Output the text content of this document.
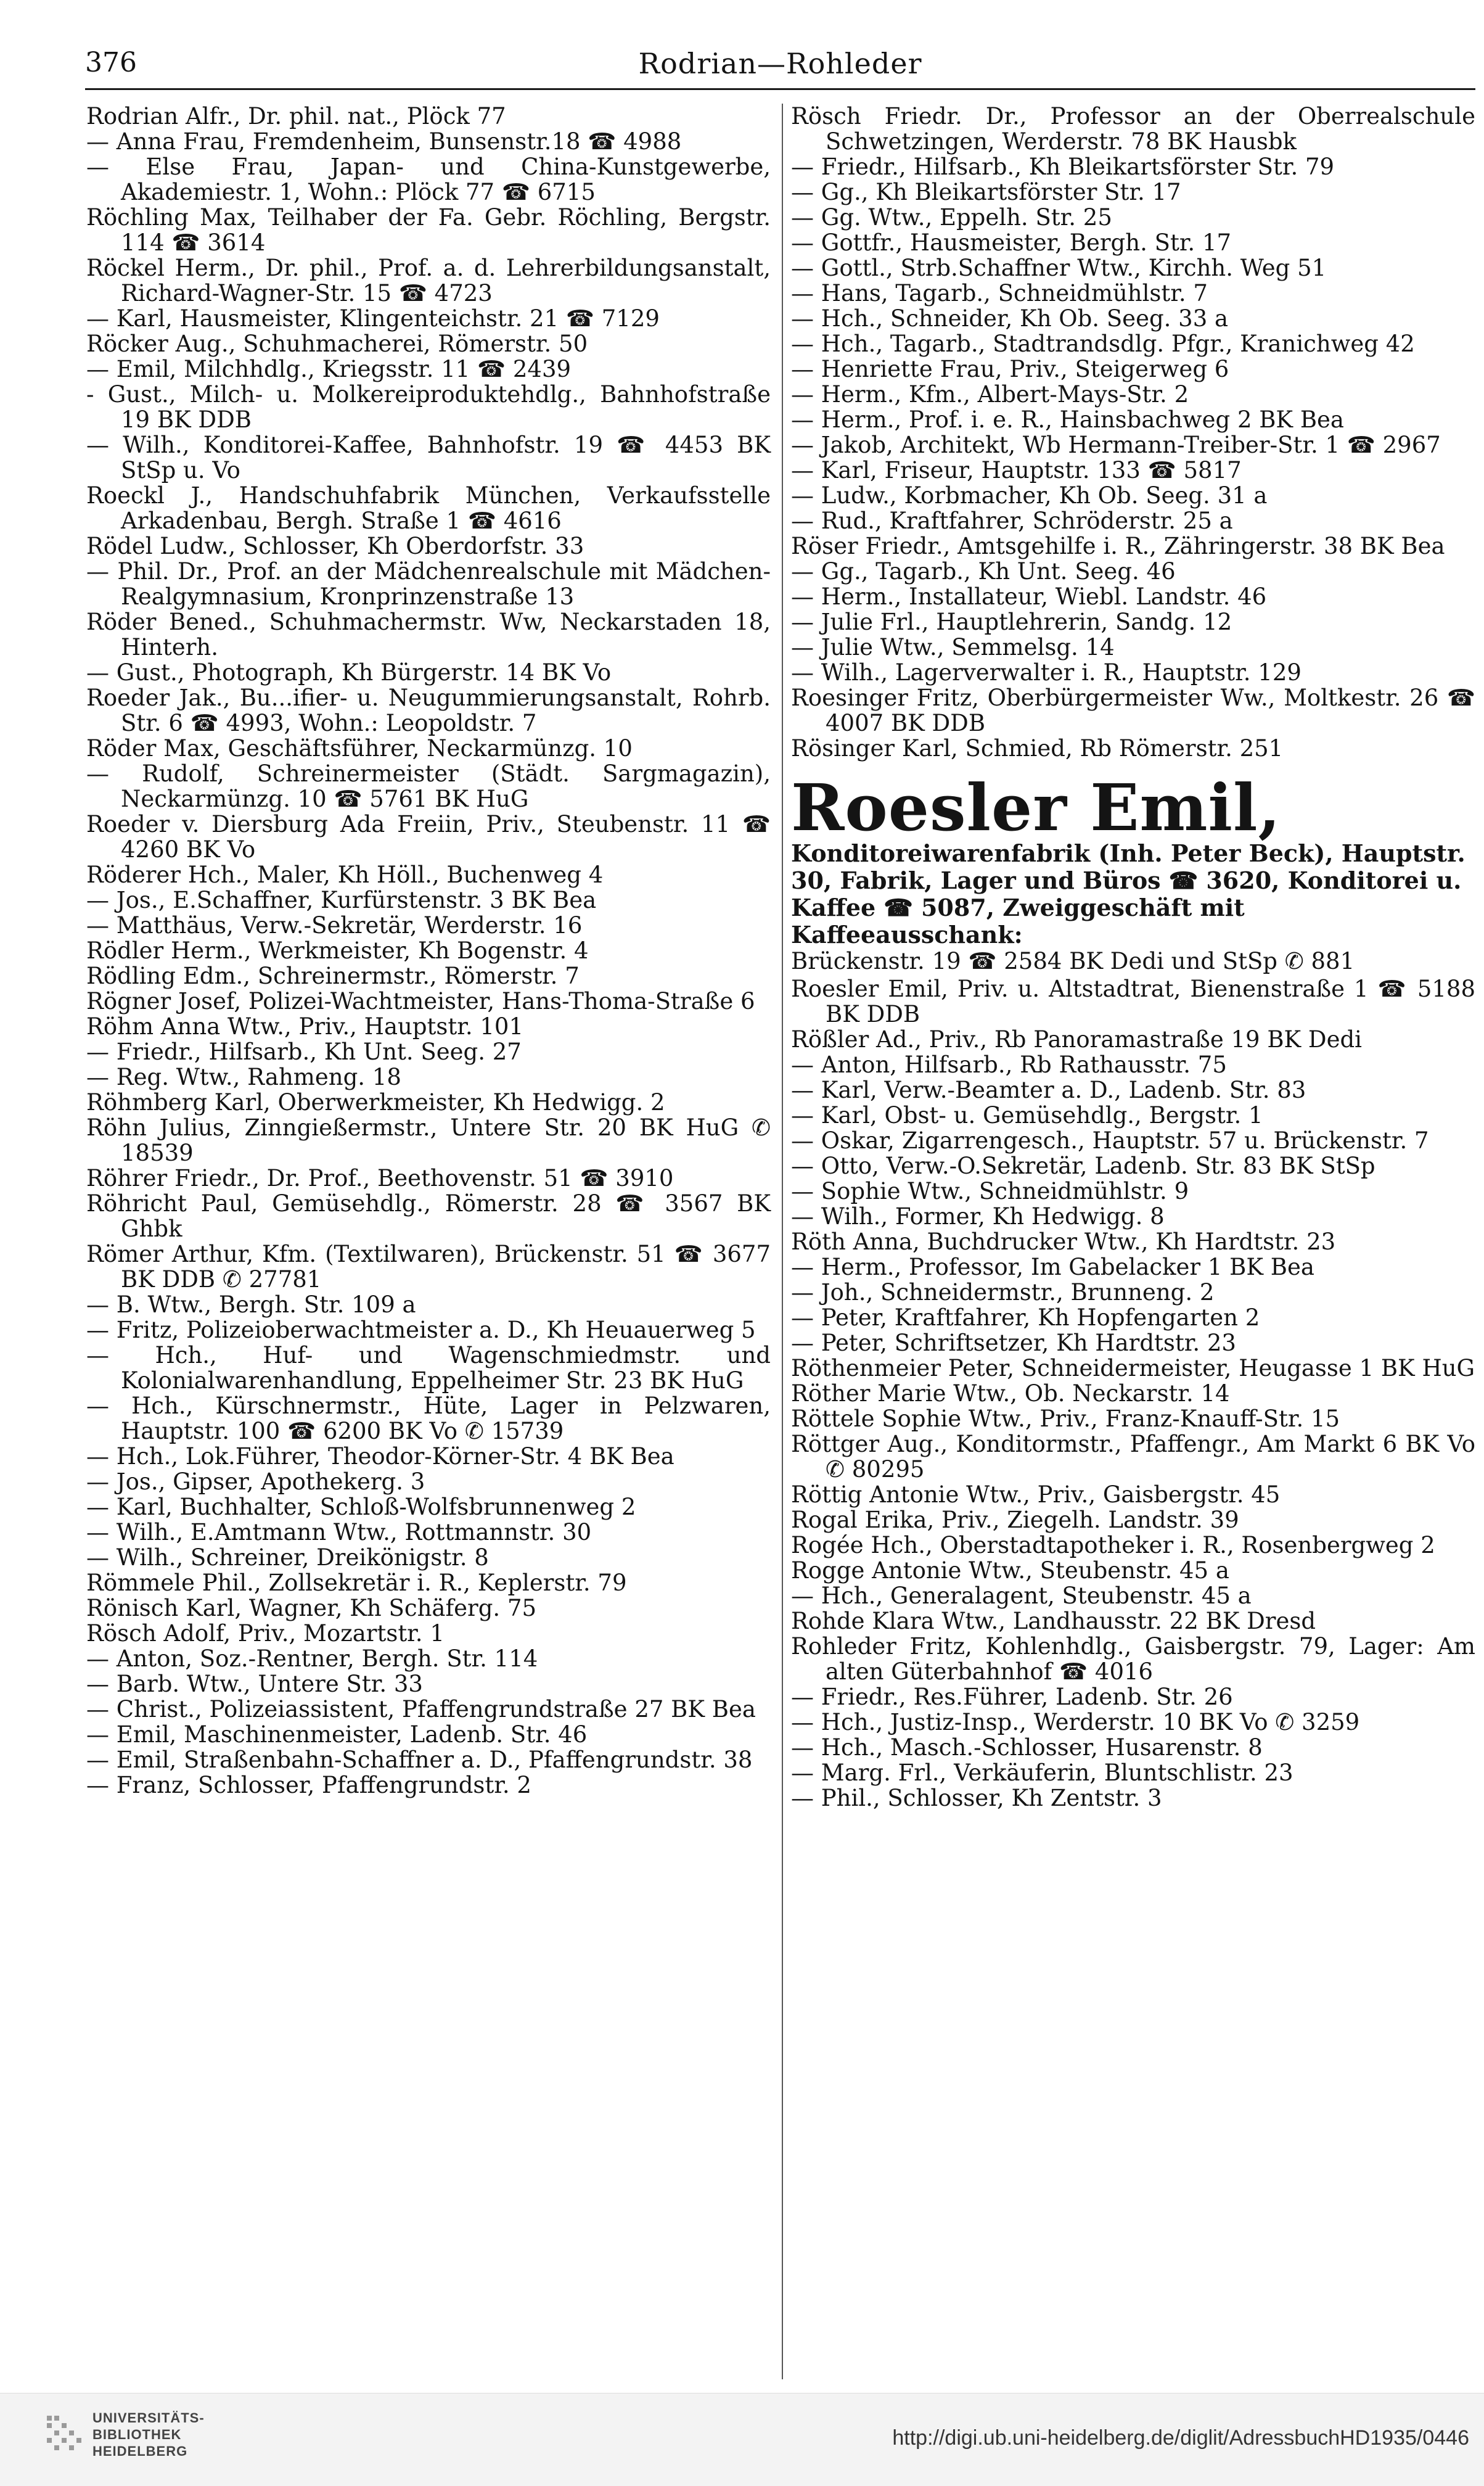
376	Rodrian—Rohleder
Rodrian Alfr., Dr. phil. nat., Plöck 77
— Anna Frau, Fremdenheim, Bunsenstr.18 ☎ 4988
— Else Frau, Japan- und China-Kunstgewerbe, Akademiestr. 1, Wohn.: Plöck 77 ☎ 6715
Röchling Max, Teilhaber der Fa. Gebr. Röchling, Bergstr. 114 ☎ 3614
Röckel Herm., Dr. phil., Prof. a. d. Lehrerbildungsanstalt, Richard-Wagner-Str. 15 ☎ 4723
— Karl, Hausmeister, Klingenteichstr. 21 ☎ 7129
Röcker Aug., Schuhmacherei, Römerstr. 50
— Emil, Milchhdlg., Kriegsstr. 11 ☎ 2439
- Gust., Milch- u. Molkereiproduktehdlg., Bahnhofstraße 19 BK DDB
— Wilh., Konditorei-Kaffee, Bahnhofstr. 19 ☎ 4453 BK StSp u. Vo
Roeckl J., Handschuhfabrik München, Verkaufsstelle Arkadenbau, Bergh. Straße 1 ☎ 4616
Rödel Ludw., Schlosser, Kh Oberdorfstr. 33
— Phil. Dr., Prof. an der Mädchenrealschule mit Mädchen-Realgymnasium, Kronprinzenstraße 13
Röder Bened., Schuhmachermstr. Ww, Neckarstaden 18, Hinterh.
— Gust., Photograph, Kh Bürgerstr. 14 BK Vo
Roeder Jak., Bu...ifier- u. Neugummierungsanstalt, Rohrb. Str. 6 ☎ 4993, Wohn.: Leopoldstr. 7
Röder Max, Geschäftsführer, Neckarmünzg. 10
— Rudolf, Schreinermeister (Städt. Sargmagazin), Neckarmünzg. 10 ☎ 5761 BK HuG
Roeder v. Diersburg Ada Freiin, Priv., Steubenstr. 11 ☎ 4260 BK Vo
Röderer Hch., Maler, Kh Höll., Buchenweg 4
— Jos., E.Schaffner, Kurfürstenstr. 3 BK Bea
— Matthäus, Verw.-Sekretär, Werderstr. 16
Rödler Herm., Werkmeister, Kh Bogenstr. 4
Rödling Edm., Schreinermstr., Römerstr. 7
Rögner Josef, Polizei-Wachtmeister, Hans-Thoma-Straße 6
Röhm Anna Wtw., Priv., Hauptstr. 101
— Friedr., Hilfsarb., Kh Unt. Seeg. 27
— Reg. Wtw., Rahmeng. 18
Röhmberg Karl, Oberwerkmeister, Kh Hedwigg. 2
Röhn Julius, Zinngießermstr., Untere Str. 20 BK HuG ✆ 18539
Röhrer Friedr., Dr. Prof., Beethovenstr. 51 ☎ 3910
Röhricht Paul, Gemüsehdlg., Römerstr. 28 ☎ 3567 BK Ghbk
Römer Arthur, Kfm. (Textilwaren), Brückenstr. 51 ☎ 3677 BK DDB ✆ 27781
— B. Wtw., Bergh. Str. 109 a
— Fritz, Polizeioberwachtmeister a. D., Kh Heuauerweg 5
— Hch., Huf- und Wagenschmiedmstr. und Kolonialwarenhandlung, Eppelheimer Str. 23 BK HuG
— Hch., Kürschnermstr., Hüte, Lager in Pelzwaren, Hauptstr. 100 ☎ 6200 BK Vo ✆ 15739
— Hch., Lok.Führer, Theodor-Körner-Str. 4 BK Bea
— Jos., Gipser, Apothekerg. 3
— Karl, Buchhalter, Schloß-Wolfsbrunnenweg 2
— Wilh., E.Amtmann Wtw., Rottmannstr. 30
— Wilh., Schreiner, Dreikönigstr. 8
Römmele Phil., Zollsekretär i. R., Keplerstr. 79
Rönisch Karl, Wagner, Kh Schäferg. 75
Rösch Adolf, Priv., Mozartstr. 1
— Anton, Soz.-Rentner, Bergh. Str. 114
— Barb. Wtw., Untere Str. 33
— Christ., Polizeiassistent, Pfaffengrundstraße 27 BK Bea
— Emil, Maschinenmeister, Ladenb. Str. 46
— Emil, Straßenbahn-Schaffner a. D., Pfaffengrundstr. 38
— Franz, Schlosser, Pfaffengrundstr. 2
Rösch Friedr. Dr., Professor an der Oberrealschule Schwetzingen, Werderstr. 78 BK Hausbk
— Friedr., Hilfsarb., Kh Bleikartsförster Str. 79
— Gg., Kh Bleikartsförster Str. 17
— Gg. Wtw., Eppelh. Str. 25
— Gottfr., Hausmeister, Bergh. Str. 17
— Gottl., Strb.Schaffner Wtw., Kirchh. Weg 51
— Hans, Tagarb., Schneidmühlstr. 7
— Hch., Schneider, Kh Ob. Seeg. 33 a
— Hch., Tagarb., Stadtrandsdlg. Pfgr., Kranichweg 42
— Henriette Frau, Priv., Steigerweg 6
— Herm., Kfm., Albert-Mays-Str. 2
— Herm., Prof. i. e. R., Hainsbachweg 2 BK Bea
— Jakob, Architekt, Wb Hermann-Treiber-Str. 1 ☎ 2967
— Karl, Friseur, Hauptstr. 133 ☎ 5817
— Ludw., Korbmacher, Kh Ob. Seeg. 31 a
— Rud., Kraftfahrer, Schröderstr. 25 a
Röser Friedr., Amtsgehilfe i. R., Zähringerstr. 38 BK Bea
— Gg., Tagarb., Kh Unt. Seeg. 46
— Herm., Installateur, Wiebl. Landstr. 46
— Julie Frl., Hauptlehrerin, Sandg. 12
— Julie Wtw., Semmelsg. 14
— Wilh., Lagerverwalter i. R., Hauptstr. 129
Roesinger Fritz, Oberbürgermeister Ww., Moltkestr. 26 ☎ 4007 BK DDB
Rösinger Karl, Schmied, Rb Römerstr. 251
Roesler Emil,
Konditoreiwarenfabrik (Inh. Peter Beck), Hauptstr. 30, Fabrik, Lager und Büros ☎ 3620, Konditorei u. Kaffee ☎ 5087, Zweiggeschäft mit Kaffeeausschank:
Brückenstr. 19 ☎ 2584 BK Dedi und StSp ✆ 881
Roesler Emil, Priv. u. Altstadtrat, Bienenstraße 1 ☎ 5188 BK DDB
Rößler Ad., Priv., Rb Panoramastraße 19 BK Dedi
— Anton, Hilfsarb., Rb Rathausstr. 75
— Karl, Verw.-Beamter a. D., Ladenb. Str. 83
— Karl, Obst- u. Gemüsehdlg., Bergstr. 1
— Oskar, Zigarrengesch., Hauptstr. 57 u. Brückenstr. 7
— Otto, Verw.-O.Sekretär, Ladenb. Str. 83 BK StSp
— Sophie Wtw., Schneidmühlstr. 9
— Wilh., Former, Kh Hedwigg. 8
Röth Anna, Buchdrucker Wtw., Kh Hardtstr. 23
— Herm., Professor, Im Gabelacker 1 BK Bea
— Joh., Schneidermstr., Brunneng. 2
— Peter, Kraftfahrer, Kh Hopfengarten 2
— Peter, Schriftsetzer, Kh Hardtstr. 23
Röthenmeier Peter, Schneidermeister, Heugasse 1 BK HuG
Röther Marie Wtw., Ob. Neckarstr. 14
Röttele Sophie Wtw., Priv., Franz-Knauff-Str. 15
Röttger Aug., Konditormstr., Pfaffengr., Am Markt 6 BK Vo ✆ 80295
Röttig Antonie Wtw., Priv., Gaisbergstr. 45
Rogal Erika, Priv., Ziegelh. Landstr. 39
Rogée Hch., Oberstadtapotheker i. R., Rosenbergweg 2
Rogge Antonie Wtw., Steubenstr. 45 a
— Hch., Generalagent, Steubenstr. 45 a
Rohde Klara Wtw., Landhausstr. 22 BK Dresd
Rohleder Fritz, Kohlenhdlg., Gaisbergstr. 79, Lager: Am alten Güterbahnhof ☎ 4016
— Friedr., Res.Führer, Ladenb. Str. 26
— Hch., Justiz-Insp., Werderstr. 10 BK Vo ✆ 3259
— Hch., Masch.-Schlosser, Husarenstr. 8
— Marg. Frl., Verkäuferin, Bluntschlistr. 23
— Phil., Schlosser, Kh Zentstr. 3
UNIVERSITÄTS-
BIBLIOTHEK
HEIDELBERG
http://digi.ub.uni-heidelberg.de/diglit/AdressbuchHD1935/0446
